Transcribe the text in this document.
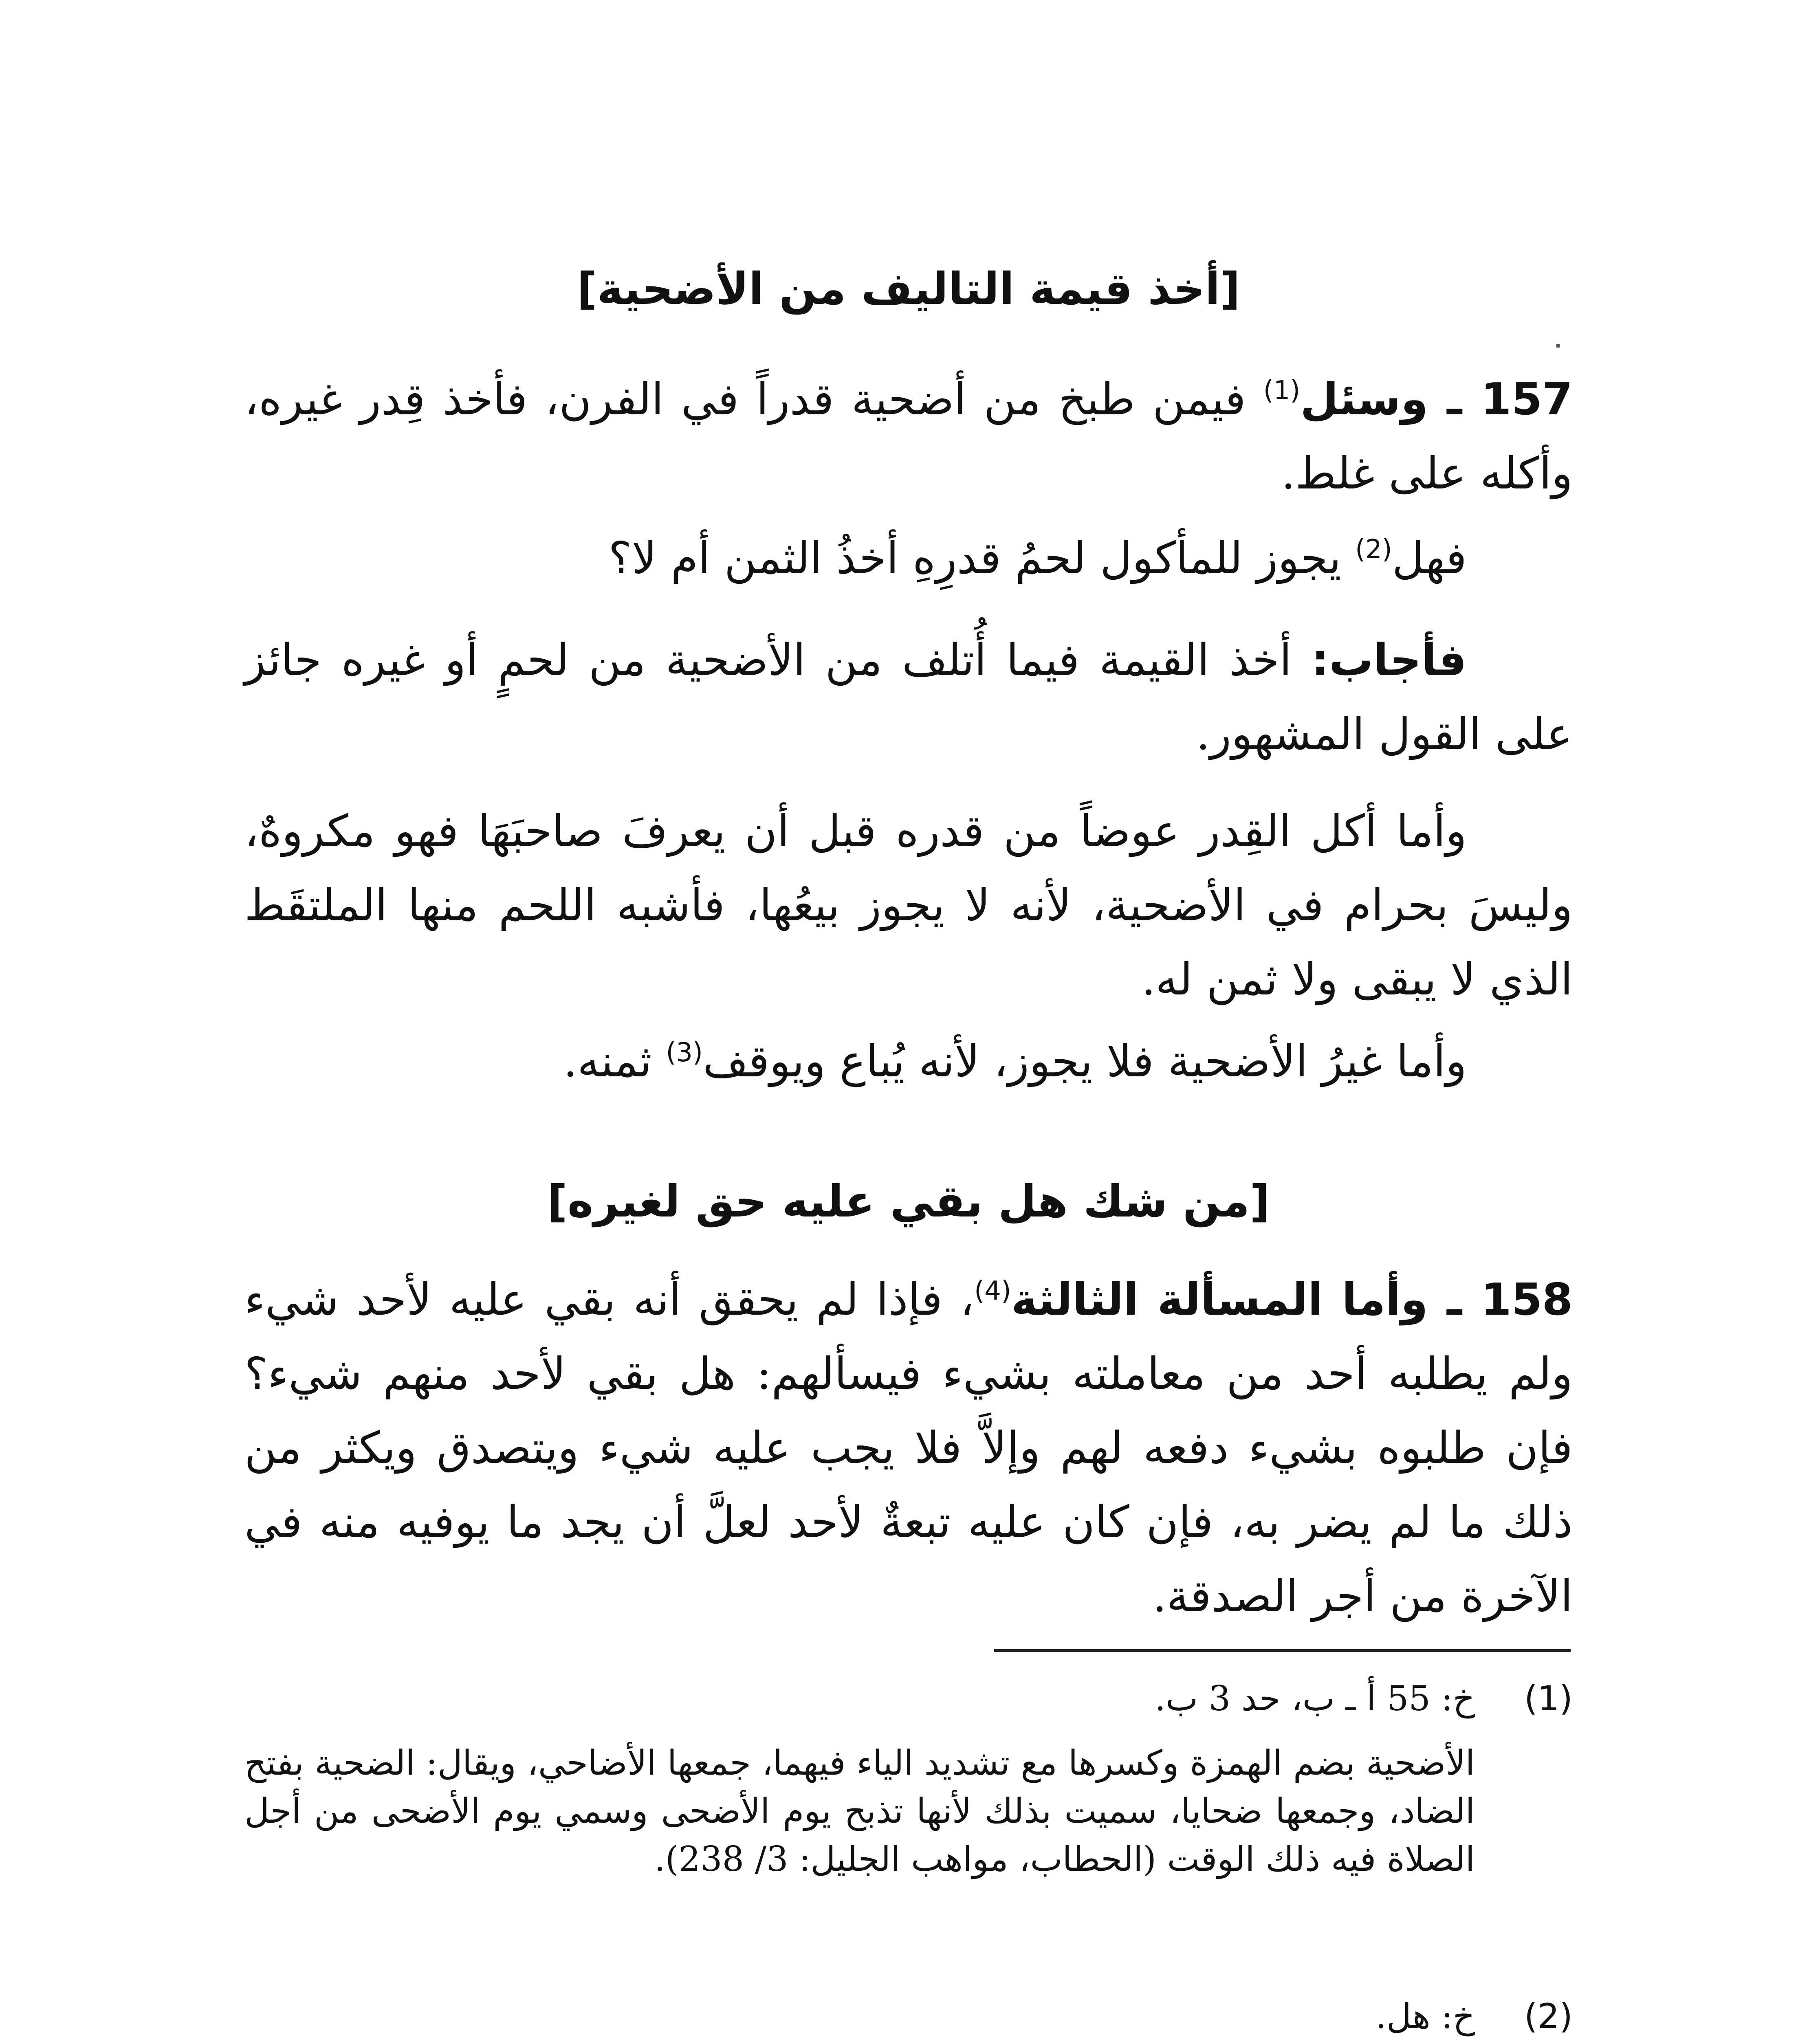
[أخذ قيمة التاليف من الأضحية]
157 ـ وسئل$^{(1)}$ فيمن طبخ من أضحية قدراً في الفرن، فأخذ قِدر غيره، وأكله على غلط.
فهل$^{(2)}$ يجوز للمأكول لحمُ قدرِهِ أخذُ الثمن أم لا؟
فأجاب: أخذ القيمة فيما أُتلف من الأضحية من لحمٍ أو غيره جائز على القول المشهور.
وأما أكل القِدر عوضاً من قدره قبل أن يعرفَ صاحبَهَا فهو مكروهٌ، وليسَ بحرام في الأضحية، لأنه لا يجوز بيعُها، فأشبه اللحم منها الملتقَط الذي لا يبقى ولا ثمن له.
وأما غيرُ الأضحية فلا يجوز، لأنه يُباع ويوقف$^{(3)}$ ثمنه.
[من شك هل بقي عليه حق لغيره]
158 ـ وأما المسألة الثالثة$^{(4)}$، فإذا لم يحقق أنه بقي عليه لأحد شيء ولم يطلبه أحد من معاملته بشيء فيسألهم: هل بقي لأحد منهم شيء؟ فإن طلبوه بشيء دفعه لهم وإلاَّ فلا يجب عليه شيء ويتصدق ويكثر من ذلك ما لم يضر به، فإن كان عليه تبعةٌ لأحد لعلَّ أن يجد ما يوفيه منه في الآخرة من أجر الصدقة.
(1)
خ: 55 أ ـ ب، حد 3 ب.
الأضحية بضم الهمزة وكسرها مع تشديد الياء فيهما، جمعها الأضاحي، ويقال: الضحية بفتح الضاد، وجمعها ضحايا، سميت بذلك لأنها تذبح يوم الأضحى وسمي يوم الأضحى من أجل الصلاة فيه ذلك الوقت (الحطاب، مواهب الجليل: 3/ 238).
(2)
خ: هل.
